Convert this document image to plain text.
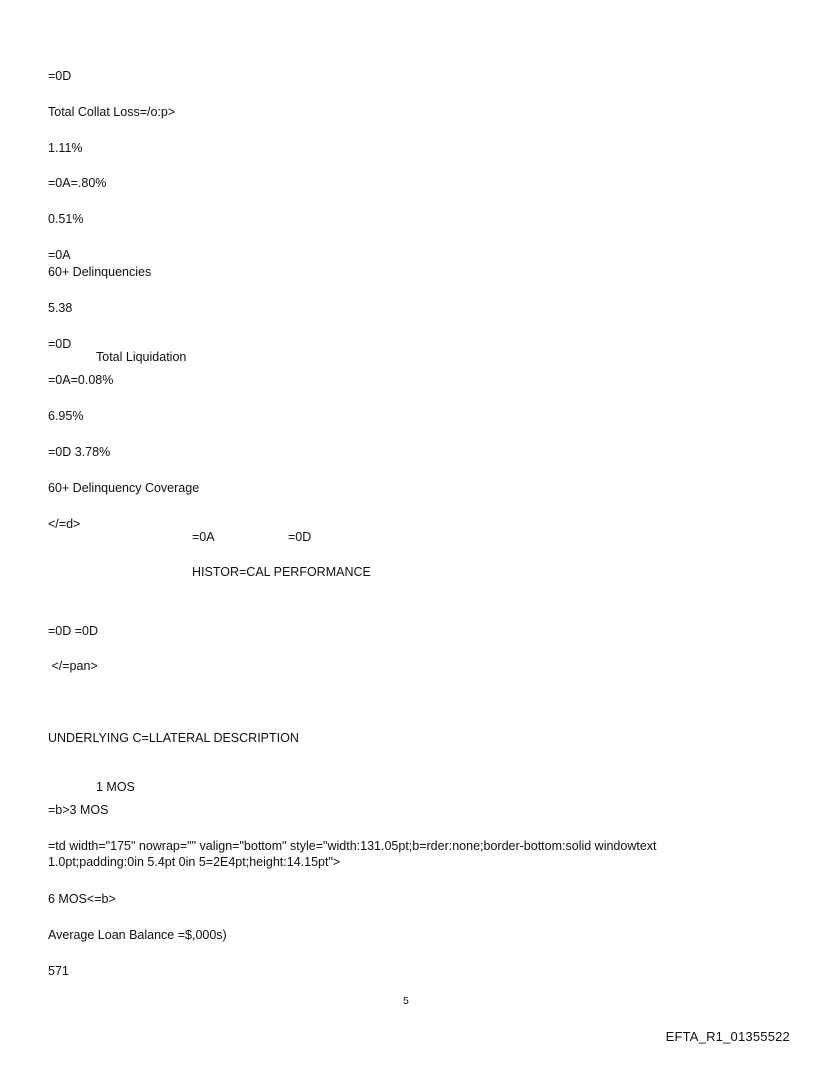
=0D

Total Collat Loss=/o:p>

1.11%

=0A=.80%

0.51%

=0A

60+ Delinquencies

5.38

=0D

Total Liquidation

=0A=0.08%

6.95%

=0D 3.78%

60+ Delinquency Coverage

</=d>

=0A	=0D

HISTOR=CAL PERFORMANCE

=0D =0D

</=pan>

UNDERLYING C=LLATERAL DESCRIPTION

1 MOS

=b>3 MOS

=td width="175" nowrap="" valign="bottom" style="width:131.05pt;b=rder:none;border-bottom:solid windowtext 1.0pt;padding:0in 5.4pt 0in 5=2E4pt;height:14.15pt">

6 MOS<=b>

Average Loan Balance =$,000s)

571

5
EFTA_R1_01355522
